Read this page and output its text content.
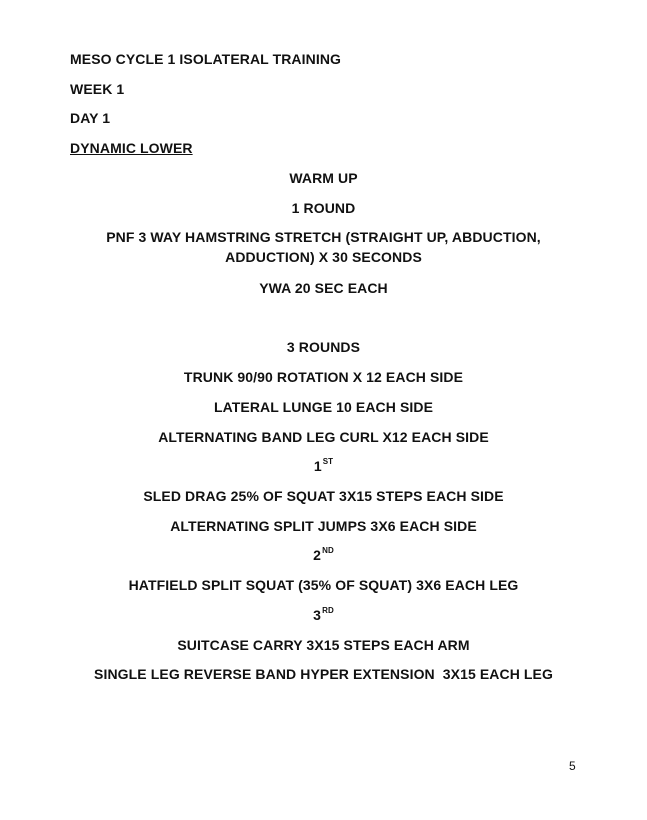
MESO CYCLE 1 ISOLATERAL TRAINING
WEEK 1
DAY 1
DYNAMIC LOWER
WARM UP
1 ROUND
PNF 3 WAY HAMSTRING STRETCH (STRAIGHT UP, ABDUCTION, ADDUCTION) X 30 SECONDS
YWA 20 SEC EACH
3 ROUNDS
TRUNK 90/90 ROTATION X 12 EACH SIDE
LATERAL LUNGE 10 EACH SIDE
ALTERNATING BAND LEG CURL X12 EACH SIDE
1ST
SLED DRAG 25% OF SQUAT 3X15 STEPS EACH SIDE
ALTERNATING SPLIT JUMPS 3X6 EACH SIDE
2ND
HATFIELD SPLIT SQUAT (35% OF SQUAT) 3X6 EACH LEG
3RD
SUITCASE CARRY 3X15 STEPS EACH ARM
SINGLE LEG REVERSE BAND HYPER EXTENSION  3X15 EACH LEG
5
